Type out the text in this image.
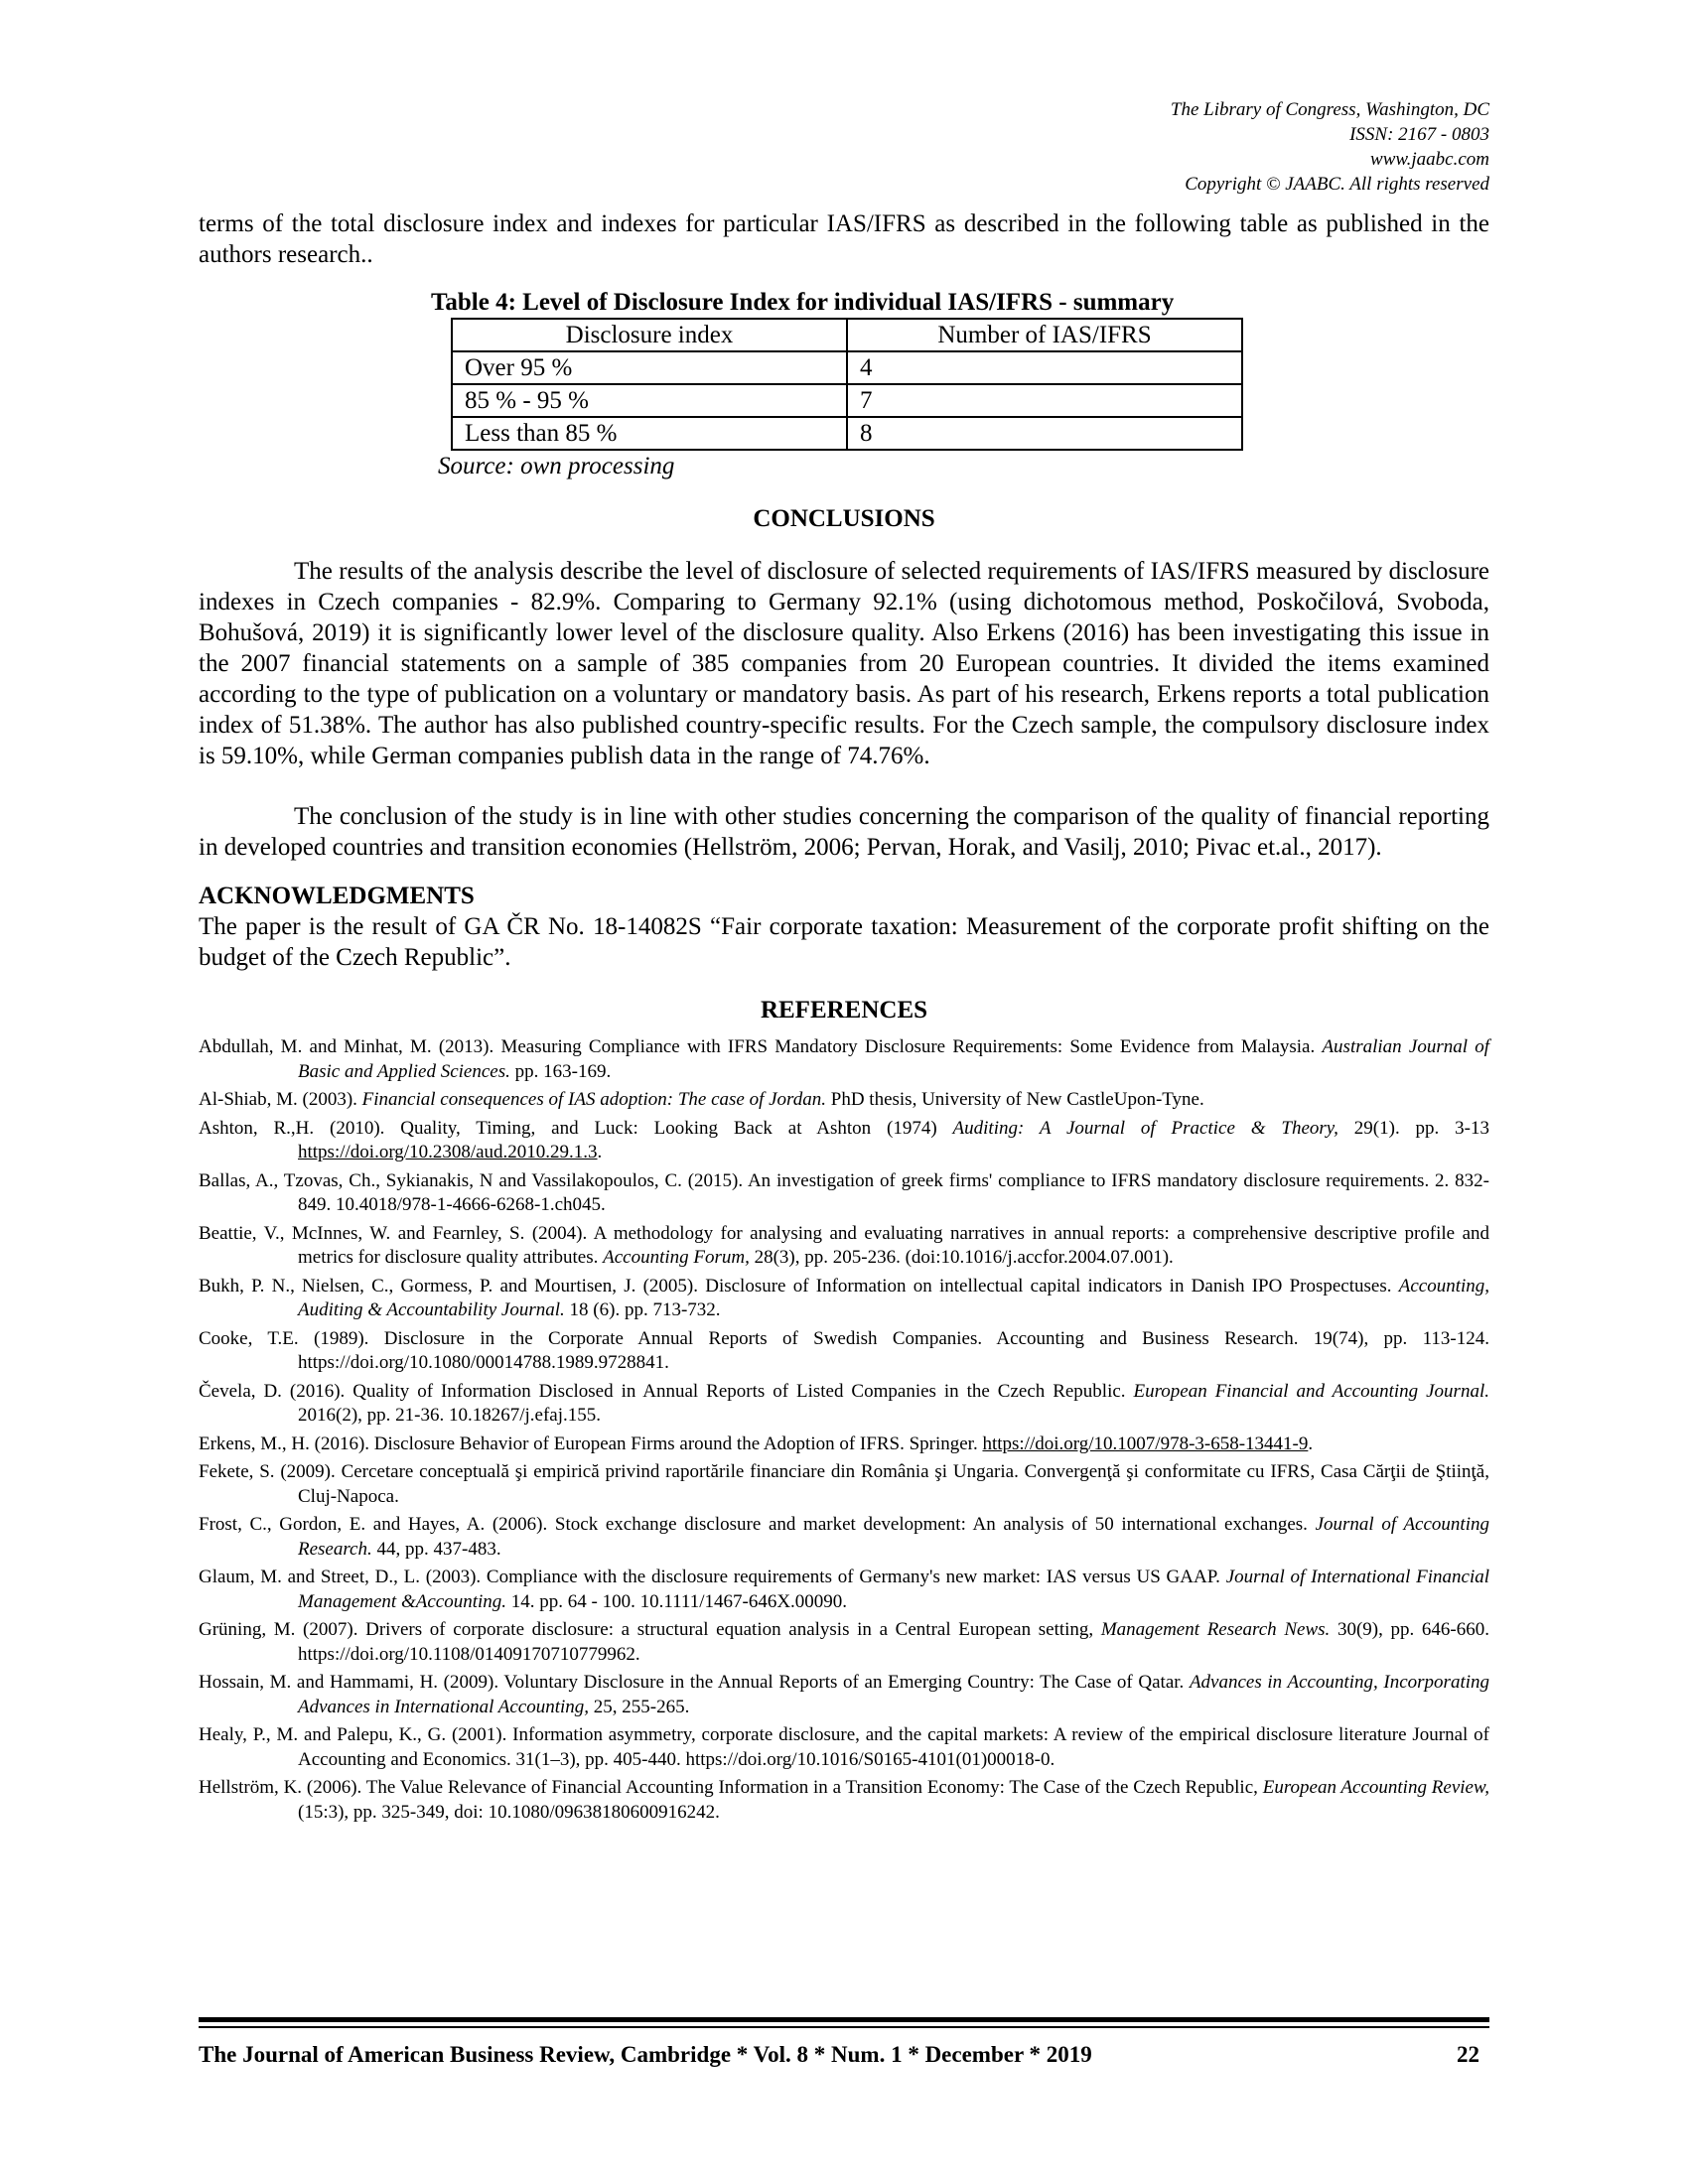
The Library of Congress, Washington, DC
ISSN: 2167 - 0803
www.jaabc.com
Copyright © JAABC. All rights reserved

terms of the total disclosure index and indexes for particular IAS/IFRS as described in the following table as published in the authors research..

Table 4: Level of Disclosure Index for individual IAS/IFRS - summary
Disclosure index	Number of IAS/IFRS
Over 95 %	4
85 % - 95 %	7
Less than 85 %	8
Source: own processing

CONCLUSIONS

The results of the analysis describe the level of disclosure of selected requirements of IAS/IFRS measured by disclosure indexes in Czech companies - 82.9%. Comparing to Germany 92.1% (using dichotomous method, Poskočilová, Svoboda, Bohušová, 2019) it is significantly lower level of the disclosure quality. Also Erkens (2016) has been investigating this issue in the 2007 financial statements on a sample of 385 companies from 20 European countries. It divided the items examined according to the type of publication on a voluntary or mandatory basis. As part of his research, Erkens reports a total publication index of 51.38%. The author has also published country-specific results. For the Czech sample, the compulsory disclosure index is 59.10%, while German companies publish data in the range of 74.76%.

The conclusion of the study is in line with other studies concerning the comparison of the quality of financial reporting in developed countries and transition economies (Hellström, 2006; Pervan, Horak, and Vasilj, 2010; Pivac et.al., 2017).

ACKNOWLEDGMENTS

The paper is the result of GA ČR No. 18-14082S “Fair corporate taxation: Measurement of the corporate profit shifting on the budget of the Czech Republic”.

REFERENCES

Abdullah, M. and Minhat, M. (2013). Measuring Compliance with IFRS Mandatory Disclosure Requirements: Some Evidence from Malaysia. Australian Journal of Basic and Applied Sciences. pp. 163-169.

Al-Shiab, M. (2003). Financial consequences of IAS adoption: The case of Jordan. PhD thesis, University of New CastleUpon-Tyne.

Ashton, R.,H. (2010). Quality, Timing, and Luck: Looking Back at Ashton (1974) Auditing: A Journal of Practice & Theory, 29(1). pp. 3-13 https://doi.org/10.2308/aud.2010.29.1.3.

Ballas, A., Tzovas, Ch., Sykianakis, N and Vassilakopoulos, C. (2015). An investigation of greek firms' compliance to IFRS mandatory disclosure requirements. 2. 832-849. 10.4018/978-1-4666-6268-1.ch045.

Beattie, V., McInnes, W. and Fearnley, S. (2004). A methodology for analysing and evaluating narratives in annual reports: a comprehensive descriptive profile and metrics for disclosure quality attributes. Accounting Forum, 28(3), pp. 205-236. (doi:10.1016/j.accfor.2004.07.001).

Bukh, P. N., Nielsen, C., Gormess, P. and Mourtisen, J. (2005). Disclosure of Information on intellectual capital indicators in Danish IPO Prospectuses. Accounting, Auditing & Accountability Journal. 18 (6). pp. 713-732.

Cooke, T.E. (1989). Disclosure in the Corporate Annual Reports of Swedish Companies. Accounting and Business Research. 19(74), pp. 113-124. https://doi.org/10.1080/00014788.1989.9728841.

Čevela, D. (2016). Quality of Information Disclosed in Annual Reports of Listed Companies in the Czech Republic. European Financial and Accounting Journal. 2016(2), pp. 21-36. 10.18267/j.efaj.155.

Erkens, M., H. (2016). Disclosure Behavior of European Firms around the Adoption of IFRS. Springer. https://doi.org/10.1007/978-3-658-13441-9.

Fekete, S. (2009). Cercetare conceptuală şi empirică privind raportările financiare din România şi Ungaria. Convergenţă şi conformitate cu IFRS, Casa Cărţii de Ştiinţă, Cluj-Napoca.

Frost, C., Gordon, E. and Hayes, A. (2006). Stock exchange disclosure and market development: An analysis of 50 international exchanges. Journal of Accounting Research. 44, pp. 437-483.

Glaum, M. and Street, D., L. (2003). Compliance with the disclosure requirements of Germany's new market: IAS versus US GAAP. Journal of International Financial Management &Accounting. 14. pp. 64 - 100. 10.1111/1467-646X.00090.

Grüning, M. (2007). Drivers of corporate disclosure: a structural equation analysis in a Central European setting, Management Research News. 30(9), pp. 646-660. https://doi.org/10.1108/01409170710779962.

Hossain, M. and Hammami, H. (2009). Voluntary Disclosure in the Annual Reports of an Emerging Country: The Case of Qatar. Advances in Accounting, Incorporating Advances in International Accounting, 25, 255-265.

Healy, P., M. and Palepu, K., G. (2001). Information asymmetry, corporate disclosure, and the capital markets: A review of the empirical disclosure literature Journal of Accounting and Economics. 31(1–3), pp. 405-440. https://doi.org/10.1016/S0165-4101(01)00018-0.

Hellström, K. (2006). The Value Relevance of Financial Accounting Information in a Transition Economy: The Case of the Czech Republic, European Accounting Review, (15:3), pp. 325-349, doi: 10.1080/09638180600916242.

The Journal of American Business Review, Cambridge * Vol. 8 * Num. 1 * December * 2019	22
